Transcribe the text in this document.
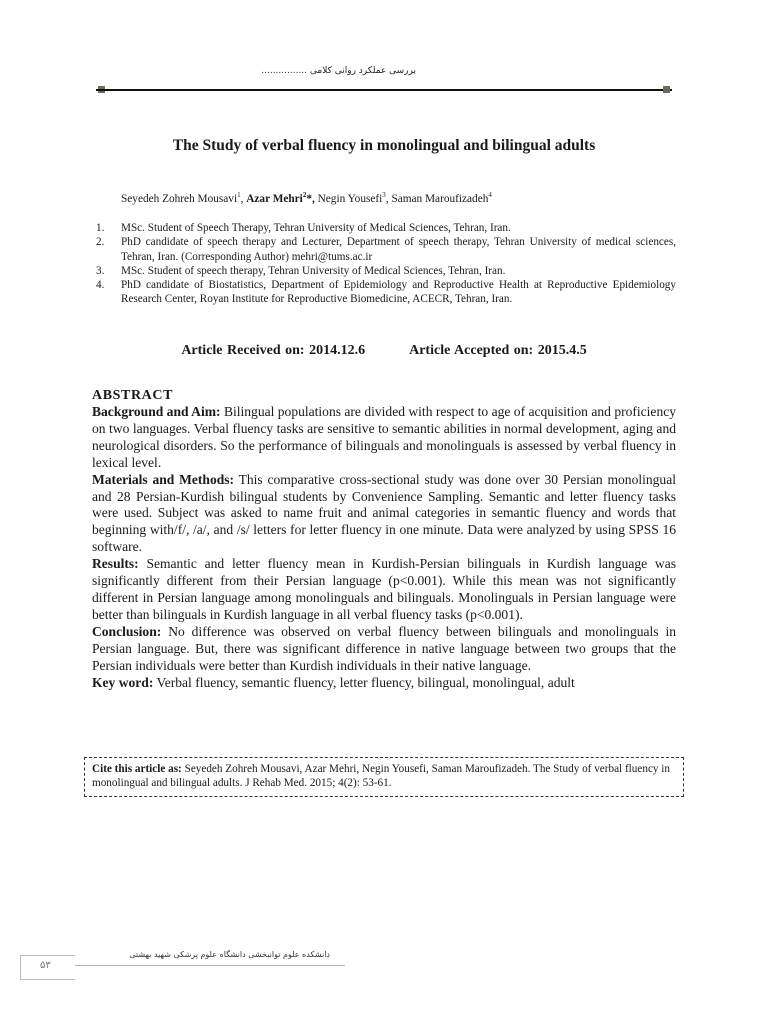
بررسی عملکرد روانی کلامی ................
The Study of verbal fluency in monolingual and bilingual adults
Seyedeh Zohreh Mousavi$^1$, Azar Mehri$^2$*, Negin Yousefi$^3$, Saman Maroufizadeh$^4$
1. MSc. Student of Speech Therapy, Tehran University of Medical Sciences, Tehran, Iran.
2. PhD candidate of speech therapy and Lecturer, Department of speech therapy, Tehran University of medical sciences, Tehran, Iran. (Corresponding Author) mehri@tums.ac.ir
3. MSc. Student of speech therapy, Tehran University of Medical Sciences, Tehran, Iran.
4. PhD candidate of Biostatistics, Department of Epidemiology and Reproductive Health at Reproductive Epidemiology Research Center, Royan Institute for Reproductive Biomedicine, ACECR, Tehran, Iran.
Article Received on: 2014.12.6	Article Accepted on: 2015.4.5
ABSTRACT

Background and Aim: Bilingual populations are divided with respect to age of acquisition and proficiency on two languages. Verbal fluency tasks are sensitive to semantic abilities in normal development, aging and neurological disorders. So the performance of bilinguals and monolinguals is assessed by verbal fluency in lexical level.

Materials and Methods: This comparative cross-sectional study was done over 30 Persian monolingual and 28 Persian-Kurdish bilingual students by Convenience Sampling. Semantic and letter fluency tasks were used. Subject was asked to name fruit and animal categories in semantic fluency and words that beginning with/f/, /a/, and /s/ letters for letter fluency in one minute. Data were analyzed by using SPSS 16 software.

Results: Semantic and letter fluency mean in Kurdish-Persian bilinguals in Kurdish language was significantly different from their Persian language (p<0.001). While this mean was not significantly different in Persian language among monolinguals and bilinguals. Monolinguals in Persian language were better than bilinguals in Kurdish language in all verbal fluency tasks (p<0.001).

Conclusion: No difference was observed on verbal fluency between bilinguals and monolinguals in Persian language. But, there was significant difference in native language between two groups that the Persian individuals were better than Kurdish individuals in their native language.

Key word: Verbal fluency, semantic fluency, letter fluency, bilingual, monolingual, adult

Cite this article as: Seyedeh Zohreh Mousavi, Azar Mehri, Negin Yousefi, Saman Maroufizadeh. The Study of verbal fluency in monolingual and bilingual adults. J Rehab Med. 2015; 4(2): 53-61.
دانشکده علوم توانبخشی دانشگاه علوم پزشکی شهید بهشتی
۵۳
